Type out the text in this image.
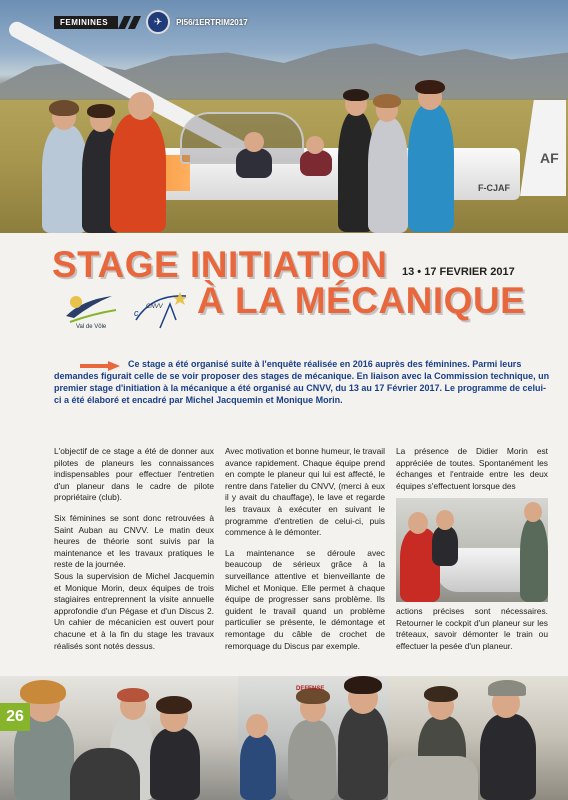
AF
F-CJAF
FEMININES	✈	PI56/1ERTRIM2017
STAGE INITIATION 13 • 17 FEVRIER 2017
À LA MÉCANIQUE
Val de Vôle
c
CNVV

Ce stage a été organisé suite à l'enquête réalisée en 2016 auprès des féminines. Parmi leurs demandes figurait celle de se voir proposer des stages de mécanique. En liaison avec la Commission technique, un premier stage d'initiation à la mécanique a été organisé au CNVV, du 13 au 17 Février 2017. Le programme de celui-ci a été élaboré et encadré par Michel Jacquemin et Monique Morin.

L'objectif de ce stage a été de donner aux pilotes de planeurs les connaissances indispensables pour effectuer l'entretien d'un planeur dans le cadre de pilote propriétaire (club).

Six féminines se sont donc retrouvées à Saint Auban au CNVV. Le matin deux heures de théorie sont suivis par la maintenance et les travaux pratiques le reste de la journée.

Sous la supervision de Michel Jacquemin et Monique Morin, deux équipes de trois stagiaires entreprennent la visite annuelle approfondie d'un Pégase et d'un Discus 2. Un cahier de mécanicien est ouvert pour chacune et à la fin du stage les travaux réalisés sont notés dessus.

Avec motivation et bonne humeur, le travail avance rapidement. Chaque équipe prend en compte le planeur qui lui est affecté, le rentre dans l'atelier du CNVV, (merci à eux il y avait du chauffage), le lave et regarde les travaux à exécuter en suivant le programme d'entretien de celui-ci, puis commence à le démonter.

La maintenance se déroule avec beaucoup de sérieux grâce à la surveillance attentive et bienveillante de Michel et Monique. Elle permet à chaque équipe de progresser sans problème. Ils guident le travail quand un problème particulier se présente, le démontage et remontage du câble de crochet de remorquage du Discus par exemple.

La présence de Didier Morin est appréciée de toutes. Spontanément les échanges et l'entraide entre les deux équipes s'effectuent lorsque des

actions précises sont nécessaires. Retourner le cockpit d'un planeur sur les tréteaux, savoir démonter le train ou effectuer la pesée d'un planeur.

DEFENSE
26
